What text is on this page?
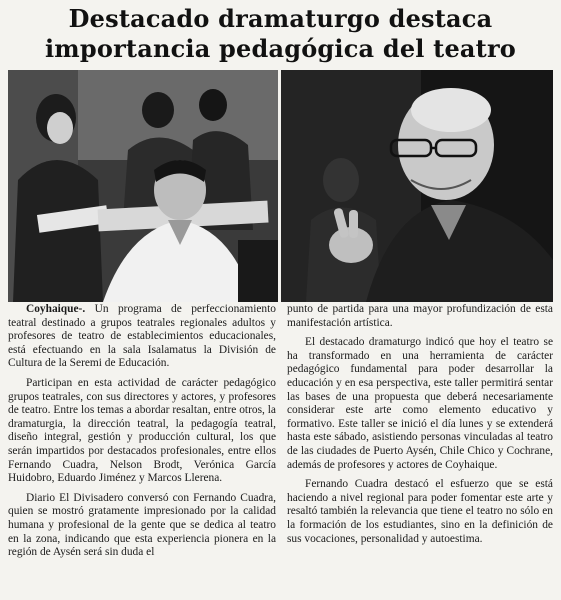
Destacado dramaturgo destaca
importancia pedagógica del teatro

Coyhaique-. Un programa de perfeccionamiento teatral destinado a grupos teatrales regionales adultos y profesores de teatro de establecimientos educacionales, está efectuando en la sala Isalamatus la División de Cultura de la Seremi de Educación.

Participan en esta actividad de carácter pedagógico grupos teatrales, con sus directores y actores, y profesores de teatro. Entre los temas a abordar resaltan, entre otros, la dramaturgia, la dirección teatral, la pedagogía teatral, diseño integral, gestión y producción cultural, los que serán impartidos por destacados profesionales, entre ellos Fernando Cuadra, Nelson Brodt, Verónica García Huidobro, Eduardo Jiménez y Marcos Llerena.

Diario El Divisadero conversó con Fernando Cuadra, quien se mostró gratamente impresionado por la calidad humana y profesional de la gente que se dedica al teatro en la zona, indicando que esta experiencia pionera en la región de Aysén será sin duda el

punto de partida para una mayor profundización de esta manifestación artística.

El destacado dramaturgo indicó que hoy el teatro se ha transformado en una herramienta de carácter pedagógico fundamental para poder desarrollar la educación y en esa perspectiva, este taller permitirá sentar las bases de una propuesta que deberá necesariamente considerar este arte como elemento educativo y formativo. Este taller se inició el día lunes y se extenderá hasta este sábado, asistiendo personas vinculadas al teatro de las ciudades de Puerto Aysén, Chile Chico y Cochrane, además de profesores y actores de Coyhaique.

Fernando Cuadra destacó el esfuerzo que se está haciendo a nivel regional para poder fomentar este arte y resaltó también la relevancia que tiene el teatro no sólo en la formación de los estudiantes, sino en la definición de sus vocaciones, personalidad y autoestima.
